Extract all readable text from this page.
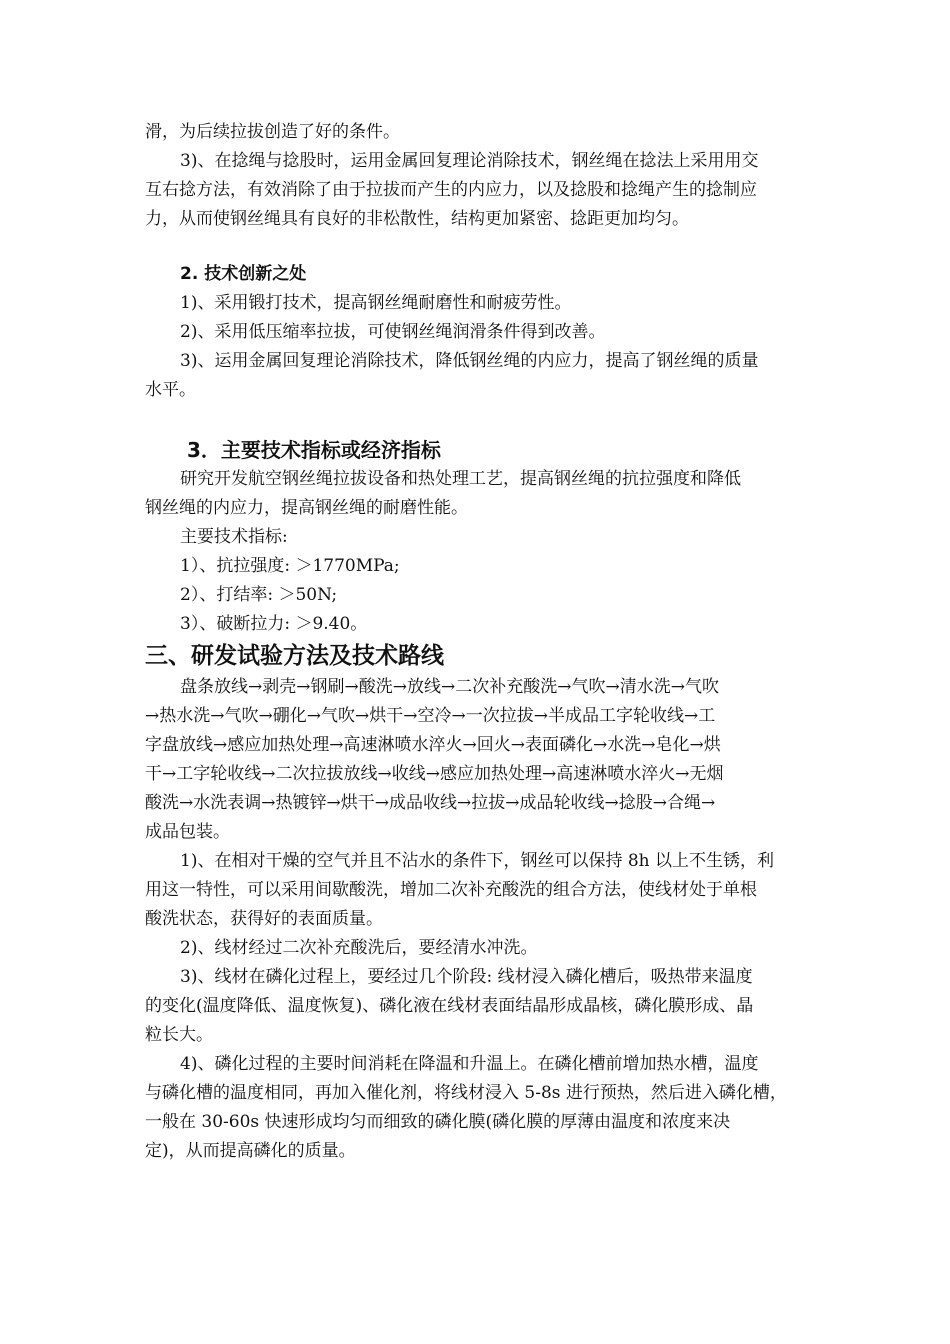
滑，为后续拉拔创造了好的条件。

3)、在捻绳与捻股时，运用金属回复理论消除技术，钢丝绳在捻法上采用用交

互右捻方法，有效消除了由于拉拔而产生的内应力，以及捻股和捻绳产生的捻制应

力，从而使钢丝绳具有良好的非松散性，结构更加紧密、捻距更加均匀。

2. 技术创新之处

1)、采用锻打技术，提高钢丝绳耐磨性和耐疲劳性。

2)、采用低压缩率拉拔，可使钢丝绳润滑条件得到改善。

3)、运用金属回复理论消除技术，降低钢丝绳的内应力，提高了钢丝绳的质量

水平。

3．主要技术指标或经济指标

研究开发航空钢丝绳拉拔设备和热处理工艺，提高钢丝绳的抗拉强度和降低

钢丝绳的内应力，提高钢丝绳的耐磨性能。

主要技术指标:

1）、抗拉强度: ＞1770MPa;

2）、打结率: ＞50N;

3）、破断拉力: ＞9.40。

三、研发试验方法及技术路线

盘条放线→剥壳→钢刷→酸洗→放线→二次补充酸洗→气吹→清水洗→气吹

→热水洗→气吹→硼化→气吹→烘干→空冷→一次拉拔→半成品工字轮收线→工

字盘放线→感应加热处理→高速淋喷水淬火→回火→表面磷化→水洗→皂化→烘

干→工字轮收线→二次拉拔放线→收线→感应加热处理→高速淋喷水淬火→无烟

酸洗→水洗表调→热镀锌→烘干→成品收线→拉拔→成品轮收线→捻股→合绳→

成品包装。

1)、在相对干燥的空气并且不沾水的条件下，钢丝可以保持 8h 以上不生锈，利

用这一特性，可以采用间歇酸洗，增加二次补充酸洗的组合方法，使线材处于单根

酸洗状态，获得好的表面质量。

2)、线材经过二次补充酸洗后，要经清水冲洗。

3)、线材在磷化过程上，要经过几个阶段: 线材浸入磷化槽后，吸热带来温度

的变化(温度降低、温度恢复)、磷化液在线材表面结晶形成晶核，磷化膜形成、晶

粒长大。

4)、磷化过程的主要时间消耗在降温和升温上。在磷化槽前增加热水槽，温度

与磷化槽的温度相同，再加入催化剂，将线材浸入 5-8s 进行预热，然后进入磷化槽，

一般在 30-60s 快速形成均匀而细致的磷化膜(磷化膜的厚薄由温度和浓度来决

定)，从而提高磷化的质量。
